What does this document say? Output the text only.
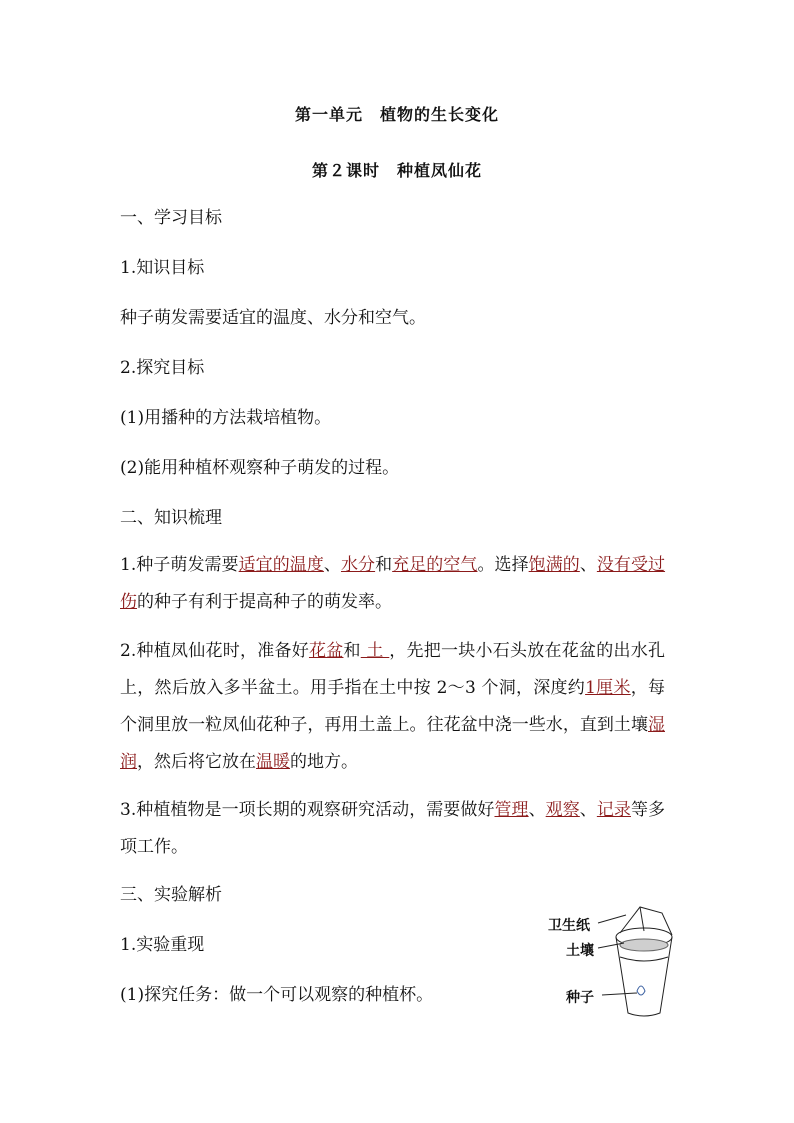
第一单元　植物的生长变化
第２课时　种植凤仙花
一、学习目标
1.知识目标
种子萌发需要适宜的温度、水分和空气。
2.探究目标
(1)用播种的方法栽培植物。
(2)能用种植杯观察种子萌发的过程。
二、知识梳理
1.种子萌发需要适宜的温度、水分和充足的空气。选择饱满的、没有受过伤的种子有利于提高种子的萌发率。
2.种植凤仙花时，准备好花盆和 土 ，先把一块小石头放在花盆的出水孔上，然后放入多半盆土。用手指在土中按 2～3 个洞，深度约1厘米，每个洞里放一粒凤仙花种子，再用土盖上。往花盆中浇一些水，直到土壤湿润，然后将它放在温暖的地方。
3.种植植物是一项长期的观察研究活动，需要做好管理、观察、记录等多项工作。
三、实验解析
1.实验重现
(1)探究任务：做一个可以观察的种植杯。
卫生纸
土壤
种子
